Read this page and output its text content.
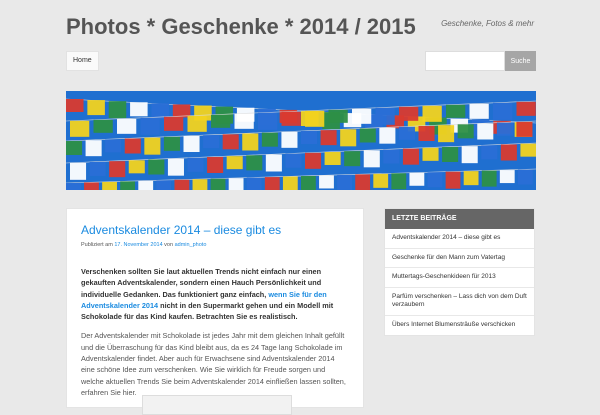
Photos * Geschenke * 2014 / 2015	Geschenke, Fotos & mehr
Home	Suche
Adventskalender 2014 – diese gibt es
Publiziert am 17. November 2014 von admin_photo
Verschenken sollten Sie laut aktuellen Trends nicht einfach nur einen gekauften Adventskalender, sondern einen Hauch Persönlichkeit und individuelle Gedanken. Das funktioniert ganz einfach, wenn Sie für den Adventskalender 2014 nicht in den Supermarkt gehen und ein Modell mit Schokolade für das Kind kaufen. Betrachten Sie es realistisch.
Der Adventskalender mit Schokolade ist jedes Jahr mit dem gleichen Inhalt gefüllt und die Überraschung für das Kind bleibt aus, da es 24 Tage lang Schokolade im Adventskalender findet. Aber auch für Erwachsene sind Adventskalender 2014 eine schöne Idee zum verschenken. Wie Sie wirklich für Freude sorgen und welche aktuellen Trends Sie beim Adventskalender 2014 einfließen lassen sollten, erfahren Sie hier.
LETZTE BEITRÄGE
Adventskalender 2014 – diese gibt es
Geschenke für den Mann zum Vatertag
Muttertags-Geschenkideen für 2013
Parfüm verschenken – Lass dich von dem Duft verzaubern
Übers Internet Blumensträuße verschicken
